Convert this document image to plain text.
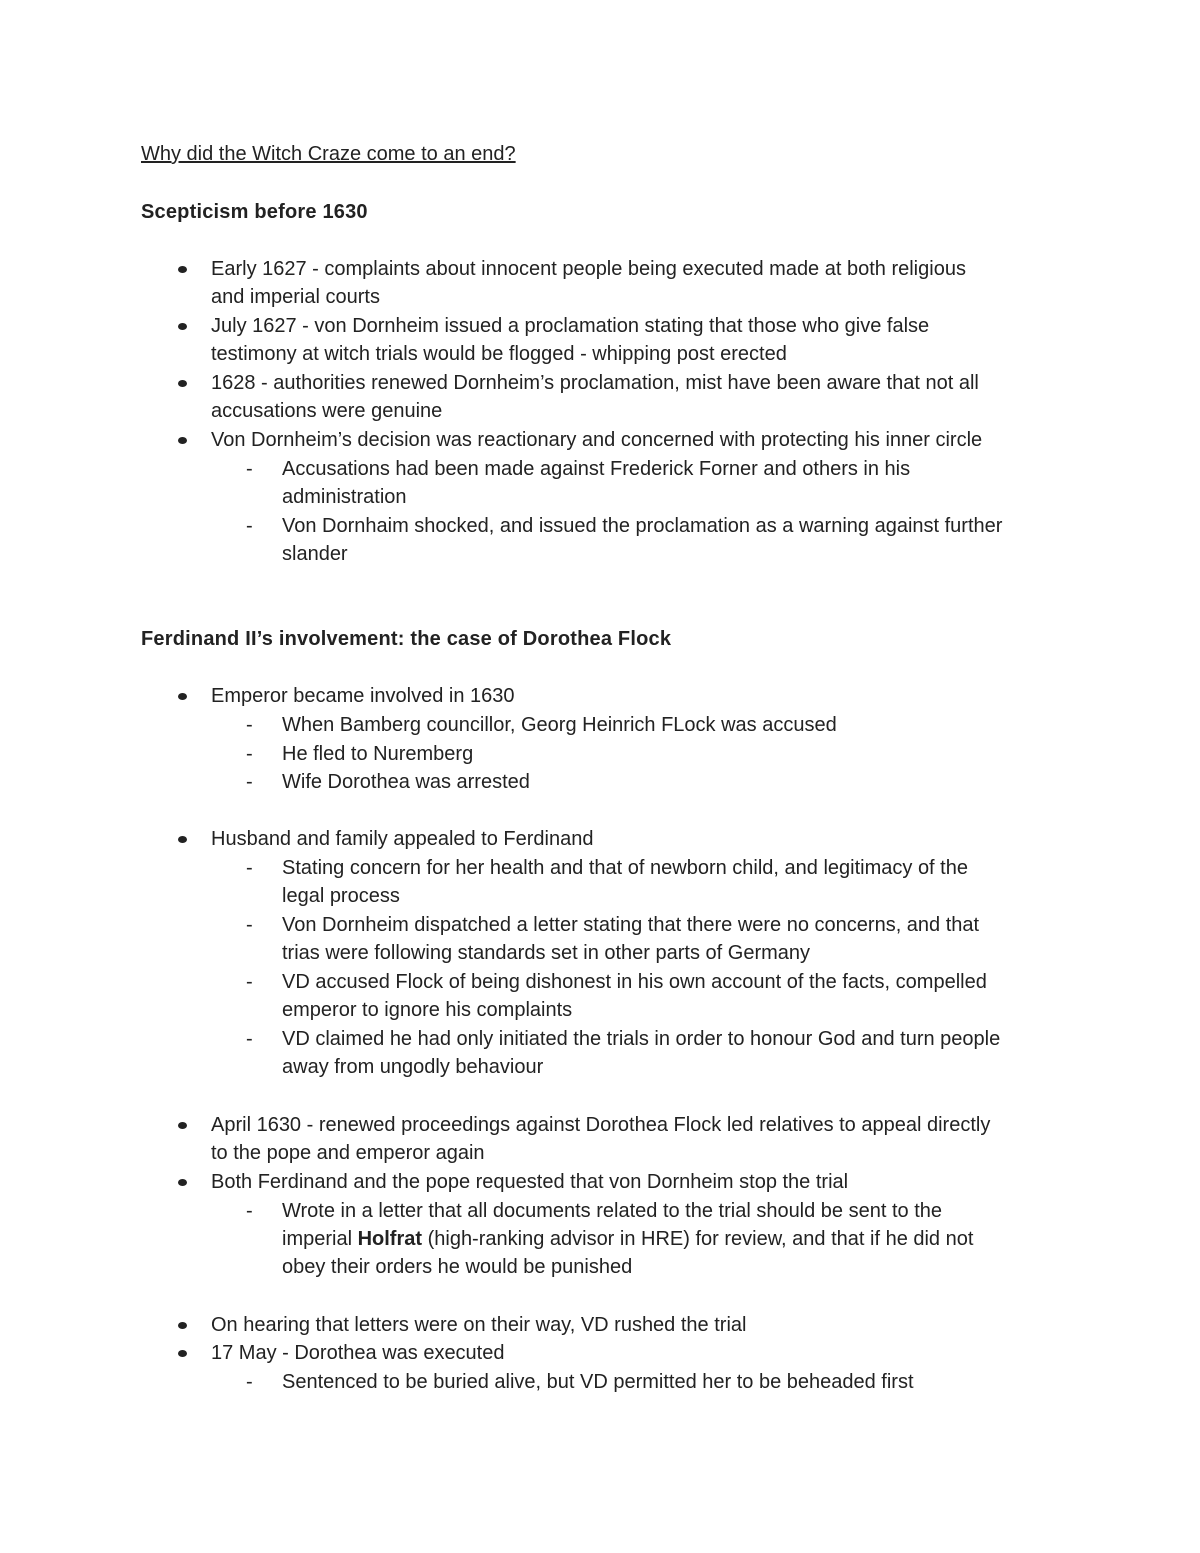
Why did the Witch Craze come to an end?
Scepticism before 1630
Early 1627 - complaints about innocent people being executed made at both religious
and imperial courts
July 1627 - von Dornheim issued a proclamation stating that those who give false
testimony at witch trials would be flogged - whipping post erected
1628 - authorities renewed Dornheim’s proclamation, mist have been aware that not all
accusations were genuine
Von Dornheim’s decision was reactionary and concerned with protecting his inner circle
- Accusations had been made against Frederick Forner and others in his
administration
- Von Dornhaim shocked, and issued the proclamation as a warning against further
slander
Ferdinand II’s involvement: the case of Dorothea Flock
Emperor became involved in 1630
- When Bamberg councillor, Georg Heinrich FLock was accused
- He fled to Nuremberg
- Wife Dorothea was arrested
Husband and family appealed to Ferdinand
- Stating concern for her health and that of newborn child, and legitimacy of the
legal process
- Von Dornheim dispatched a letter stating that there were no concerns, and that
trias were following standards set in other parts of Germany
- VD accused Flock of being dishonest in his own account of the facts, compelled
emperor to ignore his complaints
- VD claimed he had only initiated the trials in order to honour God and turn people
away from ungodly behaviour
April 1630 - renewed proceedings against Dorothea Flock led relatives to appeal directly
to the pope and emperor again
Both Ferdinand and the pope requested that von Dornheim stop the trial
- Wrote in a letter that all documents related to the trial should be sent to the
imperial Holfrat (high-ranking advisor in HRE) for review, and that if he did not
obey their orders he would be punished
On hearing that letters were on their way, VD rushed the trial
17 May - Dorothea was executed
- Sentenced to be buried alive, but VD permitted her to be beheaded first
